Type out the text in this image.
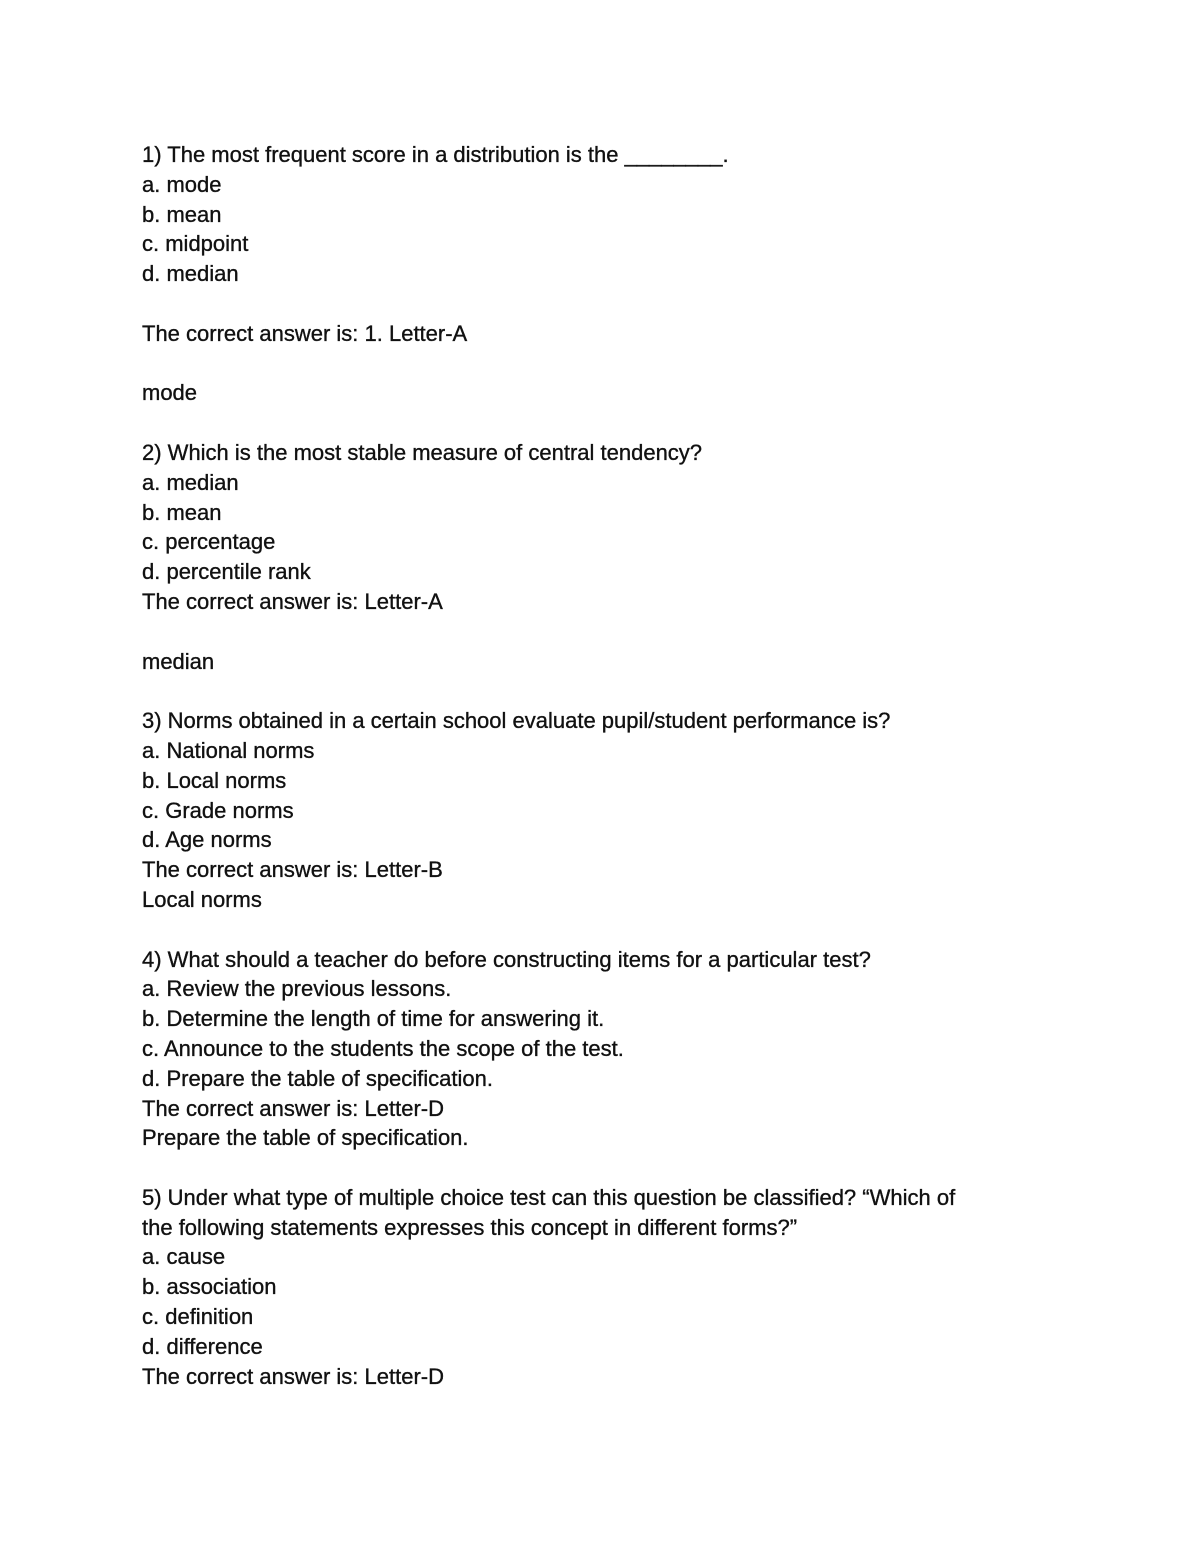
1) The most frequent score in a distribution is the ________.

a. mode

b. mean

c. midpoint

d. median

The correct answer is: 1. Letter-A

mode

2) Which is the most stable measure of central tendency?

a. median

b. mean

c. percentage

d. percentile rank

The correct answer is: Letter-A

median

3) Norms obtained in a certain school evaluate pupil/student performance is?

a. National norms

b. Local norms

c. Grade norms

d. Age norms

The correct answer is: Letter-B

Local norms

4) What should a teacher do before constructing items for a particular test?

a. Review the previous lessons.

b. Determine the length of time for answering it.

c. Announce to the students the scope of the test.

d. Prepare the table of specification.

The correct answer is: Letter-D

Prepare the table of specification.

5) Under what type of multiple choice test can this question be classified? “Which of

the following statements expresses this concept in different forms?”

a. cause

b. association

c. definition

d. difference

The correct answer is: Letter-D
